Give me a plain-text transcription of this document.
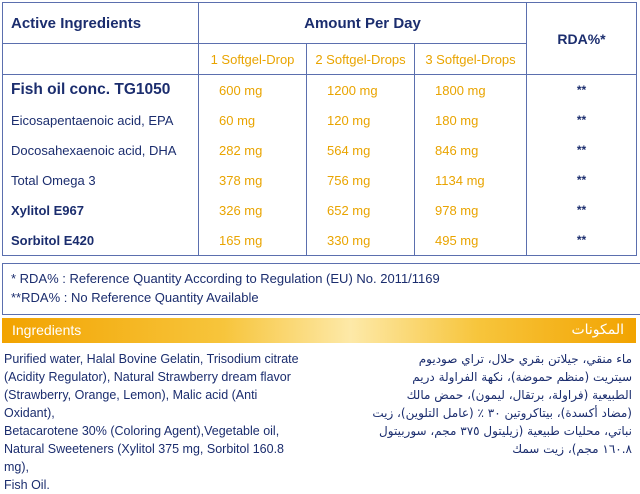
Active Ingredients	Amount Per Day			RDA%*
	1 Softgel-Drop	2 Softgel-Drops	3 Softgel-Drops	
Fish oil conc. TG1050	600 mg	1200 mg	1800 mg	**
Eicosapentaenoic acid, EPA	60 mg	120 mg	180 mg	**
Docosahexaenoic acid, DHA	282 mg	564 mg	846 mg	**
Total Omega 3	378 mg	756 mg	1134 mg	**
Xylitol E967	326 mg	652 mg	978 mg	**
Sorbitol E420	165 mg	330 mg	495 mg	**
* RDA% : Reference Quantity According to Regulation (EU) No. 2011/1169
**RDA% : No Reference Quantity Available
Ingredients	المكونات
Purified water, Halal Bovine Gelatin, Trisodium citrate
(Acidity Regulator), Natural Strawberry dream flavor
(Strawberry, Orange, Lemon), Malic acid (Anti Oxidant),
Betacarotene 30% (Coloring Agent),Vegetable oil,
Natural Sweeteners (Xylitol 375 mg, Sorbitol 160.8 mg),
Fish Oil.
ماء منقي، جيلاتن بقري حلال، تراي صوديوم
سيتريت (منظم حموضة)، نكهة الفراولة دريم
الطبيعية (فراولة، برتقال، ليمون)، حمض مالك
(مضاد أكسدة)، بيتاكروتين ٣٠ ٪ (عامل التلوين)، زيت
نباتي، محليات طبيعية (زيليتول ٣٧٥ مجم، سوربيتول
١٦٠.٨ مجم)، زيت سمك
